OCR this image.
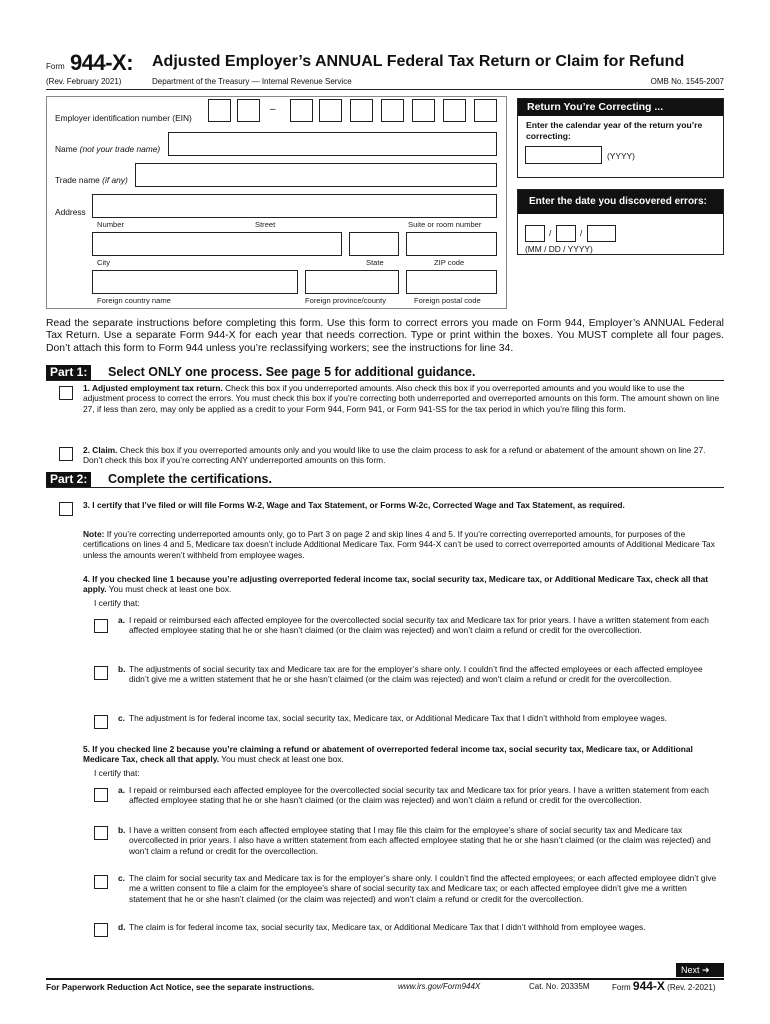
Form 944-X: Adjusted Employer’s ANNUAL Federal Tax Return or Claim for Refund
(Rev. February 2021)	Department of the Treasury — Internal Revenue Service	OMB No. 1545-2007
Employer identification number (EIN)
–
Name (not your trade name)
Trade name (if any)
Address
Number	Street	Suite or room number
City	State	ZIP code
Foreign country name	Foreign province/county	Foreign postal code
Return You’re Correcting ...
Enter the calendar year of the return you’re correcting:
(YYYY)
Enter the date you discovered errors:
/	/
(MM / DD / YYYY)
Read the separate instructions before completing this form. Use this form to correct errors you made on Form 944, Employer’s ANNUAL Federal Tax Return. Use a separate Form 944-X for each year that needs correction. Type or print within the boxes. You MUST complete all four pages. Don’t attach this form to Form 944 unless you’re reclassifying workers; see the instructions for line 34.
Part 1:	Select ONLY one process. See page 5 for additional guidance.
1. Adjusted employment tax return. Check this box if you underreported amounts. Also check this box if you overreported amounts and you would like to use the adjustment process to correct the errors. You must check this box if you’re correcting both underreported and overreported amounts on this form. The amount shown on line 27, if less than zero, may only be applied as a credit to your Form 944, Form 941, or Form 941-SS for the tax period in which you’re filing this form.
2. Claim. Check this box if you overreported amounts only and you would like to use the claim process to ask for a refund or abatement of the amount shown on line 27. Don’t check this box if you’re correcting ANY underreported amounts on this form.
Part 2:	Complete the certifications.
3. I certify that I’ve filed or will file Forms W-2, Wage and Tax Statement, or Forms W-2c, Corrected Wage and Tax Statement, as required.
Note: If you’re correcting underreported amounts only, go to Part 3 on page 2 and skip lines 4 and 5. If you’re correcting overreported amounts, for purposes of the certifications on lines 4 and 5, Medicare tax doesn’t include Additional Medicare Tax. Form 944-X can’t be used to correct overreported amounts of Additional Medicare Tax unless the amounts weren’t withheld from employee wages.
4. If you checked line 1 because you’re adjusting overreported federal income tax, social security tax, Medicare tax, or Additional Medicare Tax, check all that apply. You must check at least one box.
I certify that:
a. I repaid or reimbursed each affected employee for the overcollected social security tax and Medicare tax for prior years. I have a written statement from each affected employee stating that he or she hasn’t claimed (or the claim was rejected) and won’t claim a refund or credit for the overcollection.
b. The adjustments of social security tax and Medicare tax are for the employer’s share only. I couldn’t find the affected employees or each affected employee didn’t give me a written statement that he or she hasn’t claimed (or the claim was rejected) and won’t claim a refund or credit for the overcollection.
c. The adjustment is for federal income tax, social security tax, Medicare tax, or Additional Medicare Tax that I didn’t withhold from employee wages.
5. If you checked line 2 because you’re claiming a refund or abatement of overreported federal income tax, social security tax, Medicare tax, or Additional Medicare Tax, check all that apply. You must check at least one box.
I certify that:
a. I repaid or reimbursed each affected employee for the overcollected social security tax and Medicare tax for prior years. I have a written statement from each affected employee stating that he or she hasn’t claimed (or the claim was rejected) and won’t claim a refund or credit for the overcollection.
b. I have a written consent from each affected employee stating that I may file this claim for the employee’s share of social security tax and Medicare tax overcollected in prior years. I also have a written statement from each affected employee stating that he or she hasn’t claimed (or the claim was rejected) and won’t claim a refund or credit for the overcollection.
c. The claim for social security tax and Medicare tax is for the employer’s share only. I couldn’t find the affected employees; or each affected employee didn’t give me a written consent to file a claim for the employee’s share of social security tax and Medicare tax; or each affected employee didn’t give me a written statement that he or she hasn’t claimed (or the claim was rejected) and won’t claim a refund or credit for the overcollection.
d. The claim is for federal income tax, social security tax, Medicare tax, or Additional Medicare Tax that I didn’t withhold from employee wages.
Next ➜
For Paperwork Reduction Act Notice, see the separate instructions.	www.irs.gov/Form944X	Cat. No. 20335M	Form 944-X (Rev. 2-2021)
